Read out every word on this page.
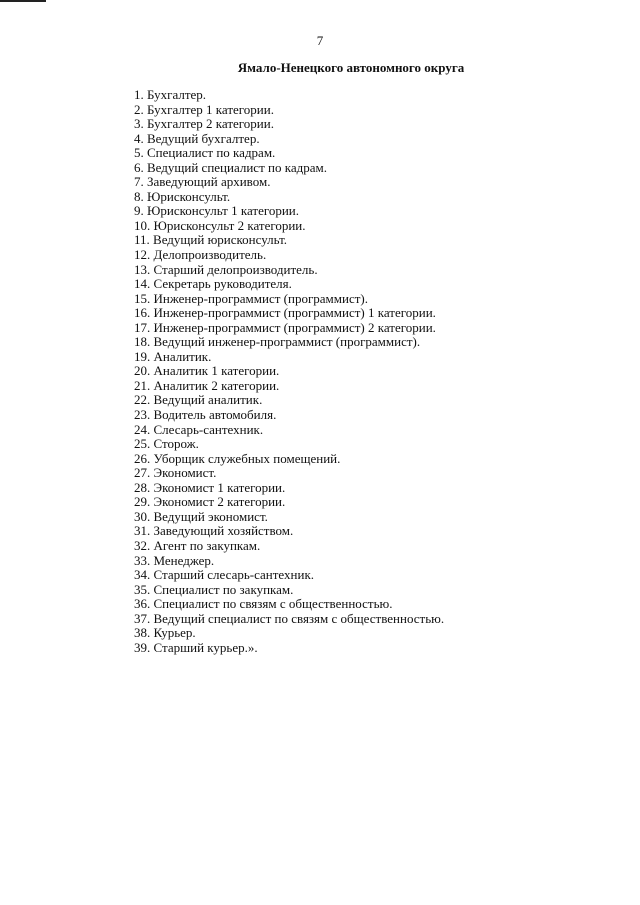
7
Ямало-Ненецкого автономного округа
1. Бухгалтер.
2. Бухгалтер 1 категории.
3. Бухгалтер 2 категории.
4. Ведущий бухгалтер.
5. Специалист по кадрам.
6. Ведущий специалист по кадрам.
7. Заведующий архивом.
8. Юрисконсульт.
9. Юрисконсульт 1 категории.
10. Юрисконсульт 2 категории.
11. Ведущий юрисконсульт.
12. Делопроизводитель.
13. Старший делопроизводитель.
14. Секретарь руководителя.
15. Инженер-программист (программист).
16. Инженер-программист (программист) 1 категории.
17. Инженер-программист (программист) 2 категории.
18. Ведущий инженер-программист (программист).
19. Аналитик.
20. Аналитик 1 категории.
21. Аналитик 2 категории.
22. Ведущий аналитик.
23. Водитель автомобиля.
24. Слесарь-сантехник.
25. Сторож.
26. Уборщик служебных помещений.
27. Экономист.
28. Экономист 1 категории.
29. Экономист 2 категории.
30. Ведущий экономист.
31. Заведующий хозяйством.
32. Агент по закупкам.
33. Менеджер.
34. Старший слесарь-сантехник.
35. Специалист по закупкам.
36. Специалист по связям с общественностью.
37. Ведущий специалист по связям с общественностью.
38. Курьер.
39. Старший курьер.».
